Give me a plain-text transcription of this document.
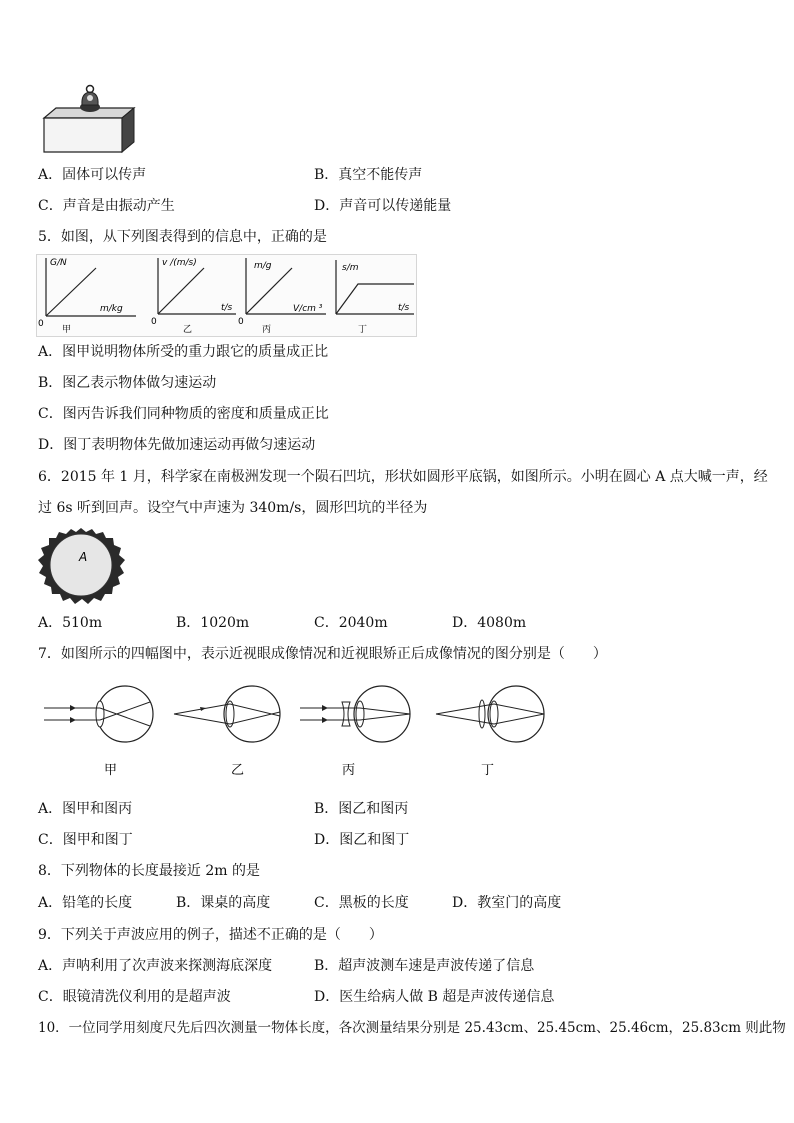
A．固体可以传声	B．真空不能传声
C．声音是由振动产生	D．声音可以传递能量
5．如图，从下列图表得到的信息中，正确的是
G/N
m/kg
0
甲
v /(m/s)
t/s
0
乙
m/g
V/cm ³
0
丙
s/m
t/s
丁
A．图甲说明物体所受的重力跟它的质量成正比
B．图乙表示物体做匀速运动
C．图丙告诉我们同种物质的密度和质量成正比
D．图丁表明物体先做加速运动再做匀速运动
6．2015 年 1 月，科学家在南极洲发现一个陨石凹坑，形状如圆形平底锅，如图所示。小明在圆心 A 点大喊一声，经
过 6s 听到回声。设空气中声速为 340m/s，圆形凹坑的半径为
A
A．510m	B．1020m	C．2040m	D．4080m
7．如图所示的四幅图中，表示近视眼成像情况和近视眼矫正后成像情况的图分别是（　　）
甲	乙	丙	丁
A．图甲和图丙	B．图乙和图丙
C．图甲和图丁	D．图乙和图丁
8．下列物体的长度最接近 2m 的是
A．铅笔的长度	B．课桌的高度	C．黑板的长度	D．教室门的高度
9．下列关于声波应用的例子，描述不正确的是（　　）
A．声呐利用了次声波来探测海底深度	B．超声波测车速是声波传递了信息
C．眼镜清洗仪利用的是超声波	D．医生给病人做 B 超是声波传递信息
10．一位同学用刻度尺先后四次测量一物体长度，各次测量结果分别是 25.43cm、25.45cm、25.46cm，25.83cm 则此物
